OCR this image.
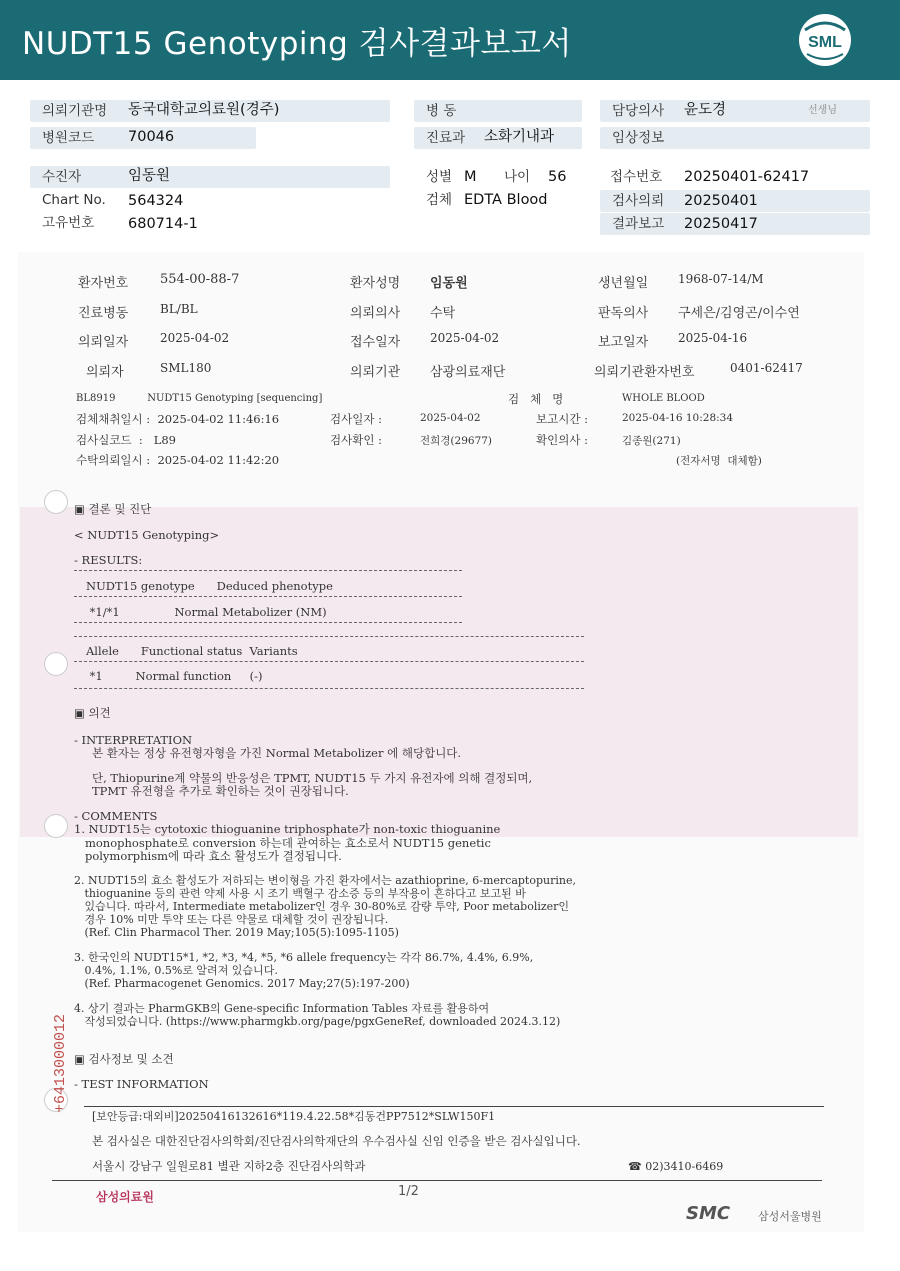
NUDT15 Genotyping 검사결과보고서	SML
의뢰기관명	동국대학교의료원(경주)
병원코드	70046
병 동
진료과	소화기내과
담당의사	윤도경	선생님
임상정보
수진자	임동원
Chart No. 564324
고유번호 680714-1
성별 M 나이 56
검체 EDTA Blood
접수번호 20250401-62417
검사의뢰	20250401
결과보고	20250417
환자번호 554-00-88-7	환자성명 임동원	생년월일 1968-07-14/M
진료병동	BL/BL	의뢰의사 수탁	판독의사 구세은/김영곤/이수연
의뢰일자	2025-04-02	접수일자 2025-04-02	보고일자 2025-04-16
의뢰자	SML180	의뢰기관 삼광의료재단	의뢰기관환자번호	0401-62417
BL8919          NUDT15 Genotyping [sequencing]	검   체   명	WHOLE BLOOD
검체채취일시 :  2025-04-02 11:46:16	검사일자 :	2025-04-02	보고시간 :	2025-04-16 10:28:34
검사실코드  :   L89	검사확인 :	전희경(29677)	확인의사 :	김종원(271)
수탁의뢰일시 :  2025-04-02 11:42:20	(전자서명  대체함)
▣ 결론 및 진단
< NUDT15 Genotyping>
- RESULTS:
NUDT15 genotype      Deduced phenotype
*1/*1               Normal Metabolizer (NM)
Allele      Functional status  Variants
*1         Normal function     (-)
▣ 의견
- INTERPRETATION
본 환자는 정상 유전형자형을 가진 Normal Metabolizer 에 해당합니다.
단, Thiopurine계 약물의 반응성은 TPMT, NUDT15 두 가지 유전자에 의해 결정되며,
TPMT 유전형을 추가로 확인하는 것이 권장됩니다.
- COMMENTS
1. NUDT15는 cytotoxic thioguanine triphosphate가 non-toxic thioguanine
monophosphate로 conversion 하는데 관여하는 효소로서 NUDT15 genetic
polymorphism에 따라 효소 활성도가 결정됩니다.
2. NUDT15의 효소 활성도가 저하되는 변이형을 가진 환자에서는 azathioprine, 6-mercaptopurine,
thioguanine 등의 관련 약제 사용 시 조기 백혈구 감소증 등의 부작용이 흔하다고 보고된 바
있습니다. 따라서, Intermediate metabolizer인 경우 30-80%로 감량 투약, Poor metabolizer인
경우 10% 미만 투약 또는 다른 약물로 대체할 것이 권장됩니다.
(Ref. Clin Pharmacol Ther. 2019 May;105(5):1095-1105)
3. 한국인의 NUDT15*1, *2, *3, *4, *5, *6 allele frequency는 각각 86.7%, 4.4%, 6.9%,
0.4%, 1.1%, 0.5%로 알려져 있습니다.
(Ref. Pharmacogenet Genomics. 2017 May;27(5):197-200)
4. 상기 결과는 PharmGKB의 Gene-specific Information Tables 자료를 활용하여
작성되었습니다. (https://www.pharmgkb.org/page/pgxGeneRef, downloaded 2024.3.12)
▣ 검사정보 및 소견
- TEST INFORMATION
+6413000012
[보안등급:대외비]20250416132616*119.4.22.58*김동건PP7512*SLW150F1
본 검사실은 대한진단검사의학회/진단검사의학재단의 우수검사실 신임 인증을 받은 검사실입니다.
서울시 강남구 일원로81 별관 지하2층 진단검사의학과	☎ 02)3410-6469
1/2
삼성의료원
SMC	삼성서울병원
